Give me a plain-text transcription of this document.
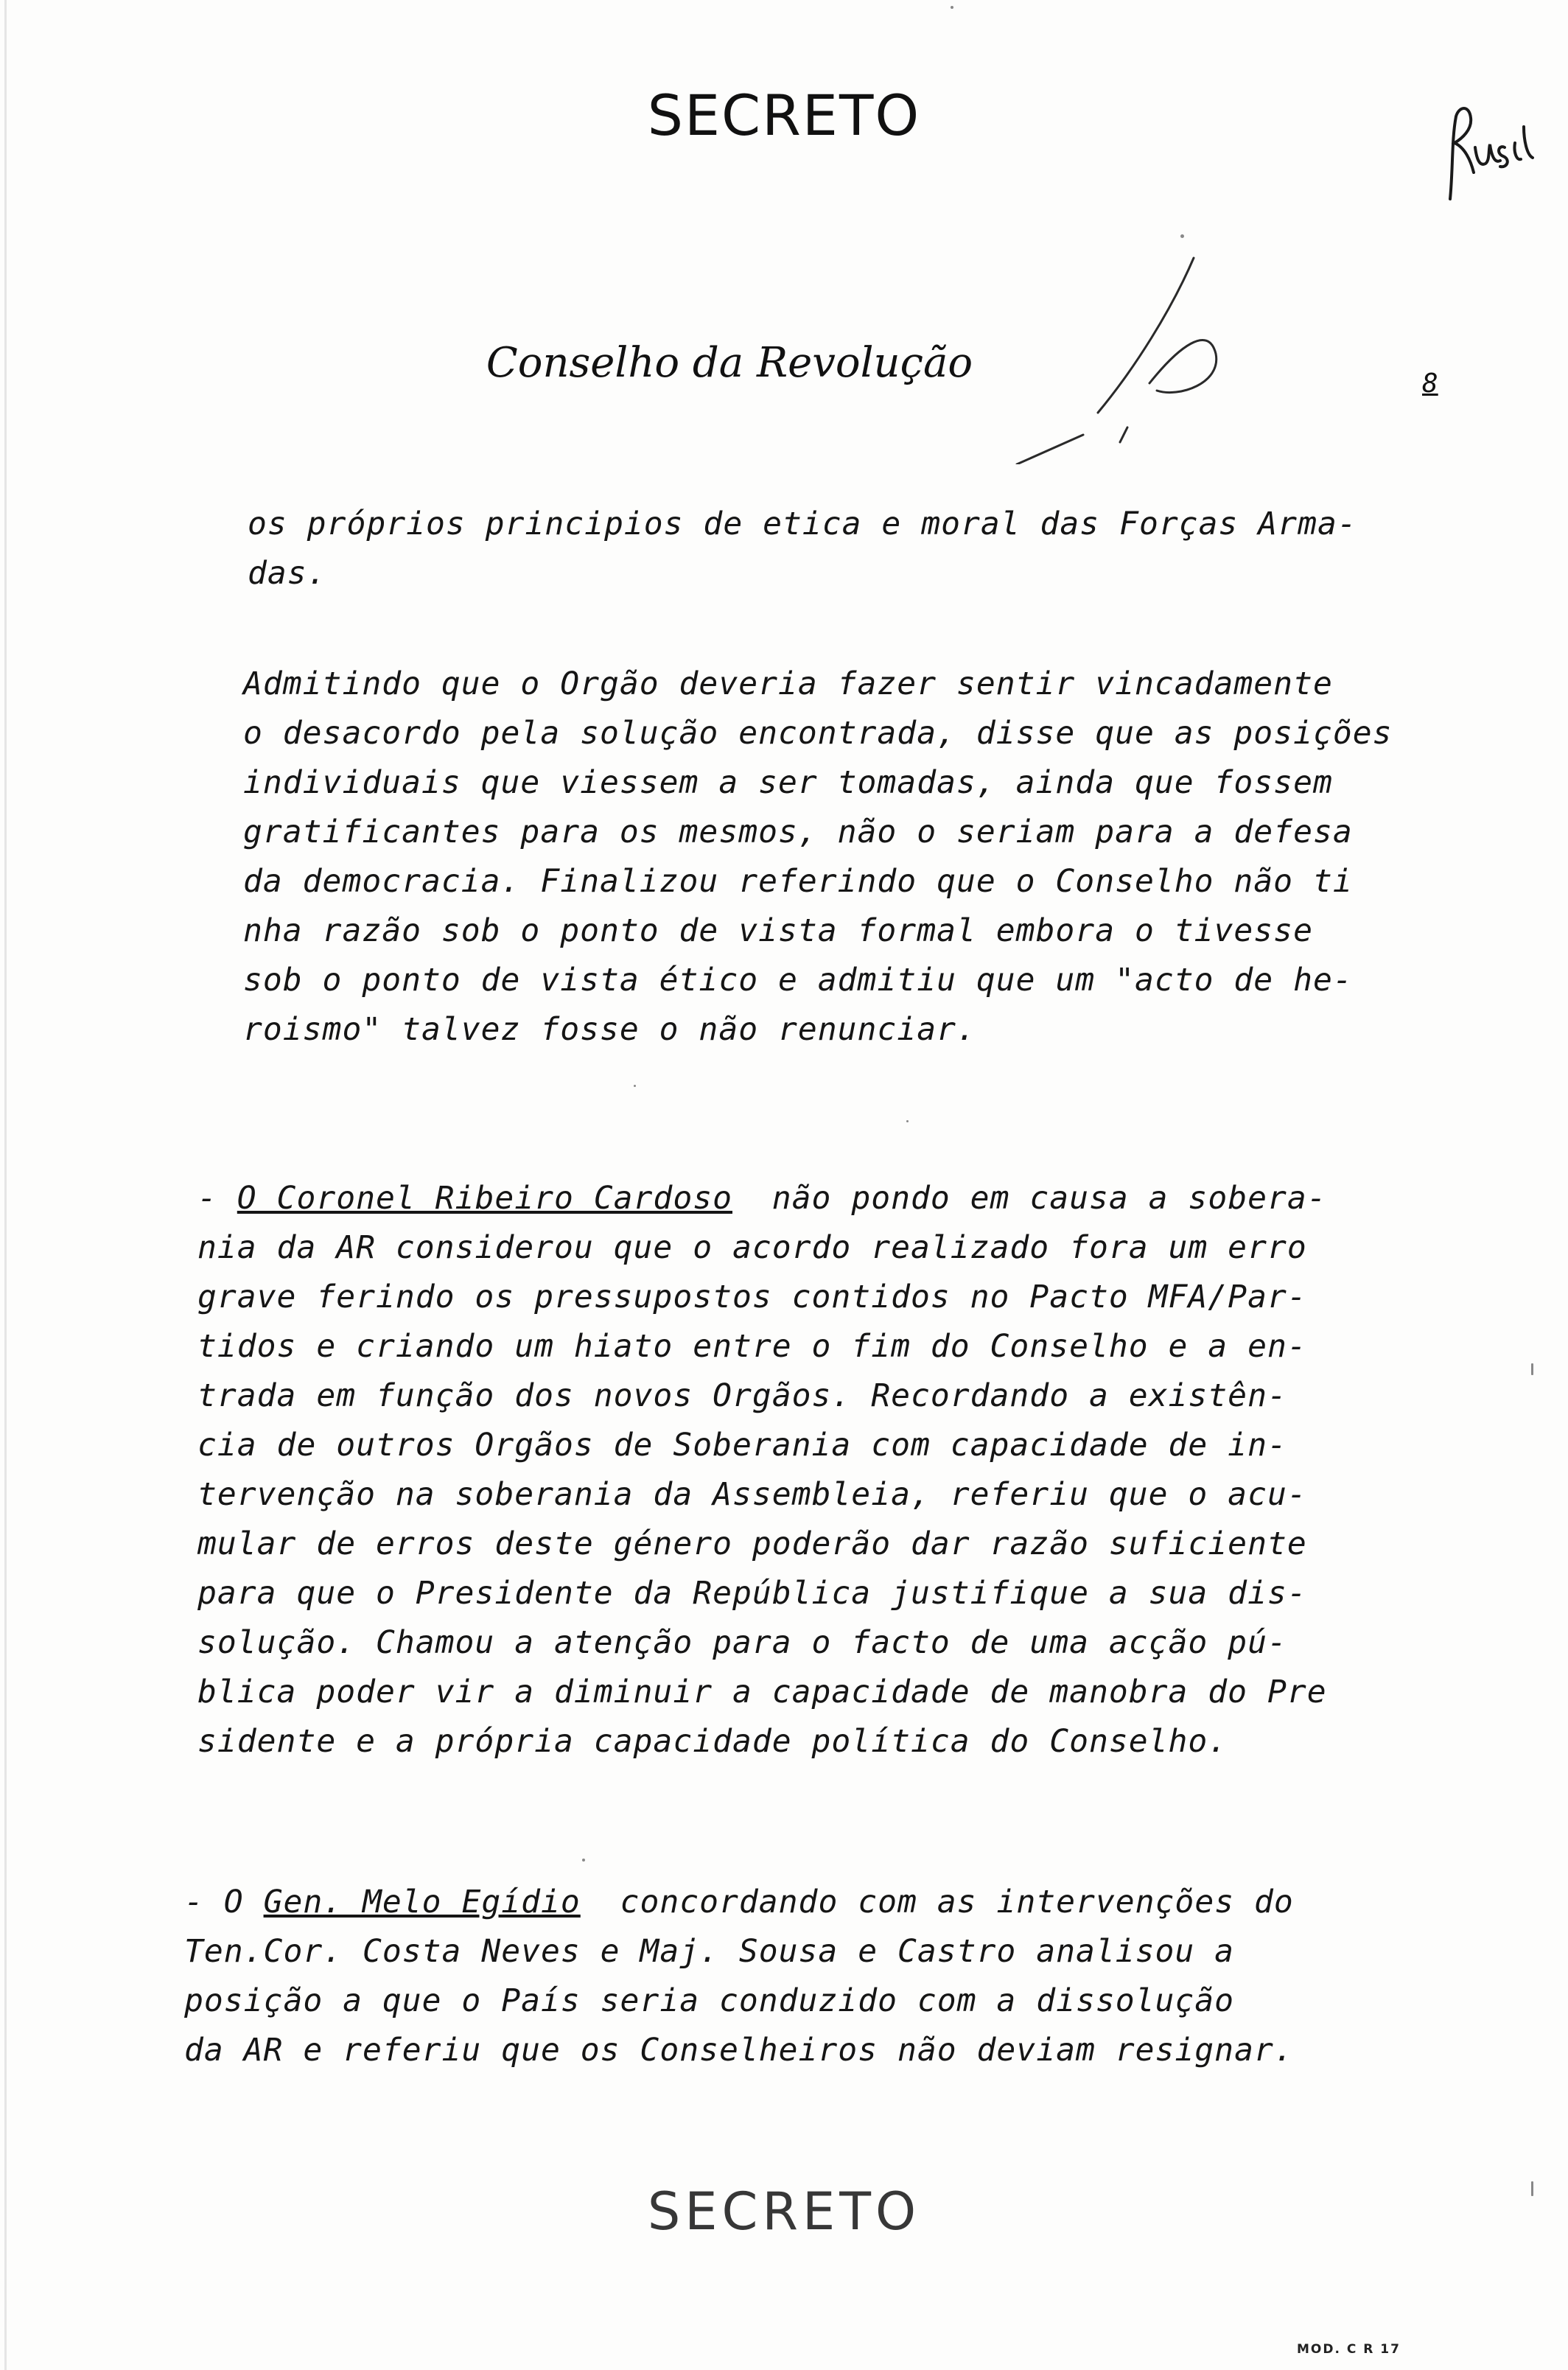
SECRETO
Conselho da Revolução	8

os próprios principios de etica e moral das Forças Arma-
das.

Admitindo que o Orgão deveria fazer sentir vincadamente
o desacordo pela solução encontrada, disse que as posições
individuais que viessem a ser tomadas, ainda que fossem
gratificantes para os mesmos, não o seriam para a defesa
da democracia. Finalizou referindo que o Conselho não ti
nha razão sob o ponto de vista formal embora o tivesse
sob o ponto de vista ético e admitiu que um "acto de he-
roismo" talvez fosse o não renunciar.

- O Coronel Ribeiro Cardoso  não pondo em causa a sobera-
nia da AR considerou que o acordo realizado fora um erro
grave ferindo os pressupostos contidos no Pacto MFA/Par-
tidos e criando um hiato entre o fim do Conselho e a en-
trada em função dos novos Orgãos. Recordando a existên-
cia de outros Orgãos de Soberania com capacidade de in-
tervenção na soberania da Assembleia, referiu que o acu-
mular de erros deste género poderão dar razão suficiente
para que o Presidente da República justifique a sua dis-
solução. Chamou a atenção para o facto de uma acção pú-
blica poder vir a diminuir a capacidade de manobra do Pre
sidente e a própria capacidade política do Conselho.

- O Gen. Melo Egídio  concordando com as intervenções do
Ten.Cor. Costa Neves e Maj. Sousa e Castro analisou a
posição a que o País seria conduzido com a dissolução
da AR e referiu que os Conselheiros não deviam resignar.

SECRETO
MOD. C R 17
